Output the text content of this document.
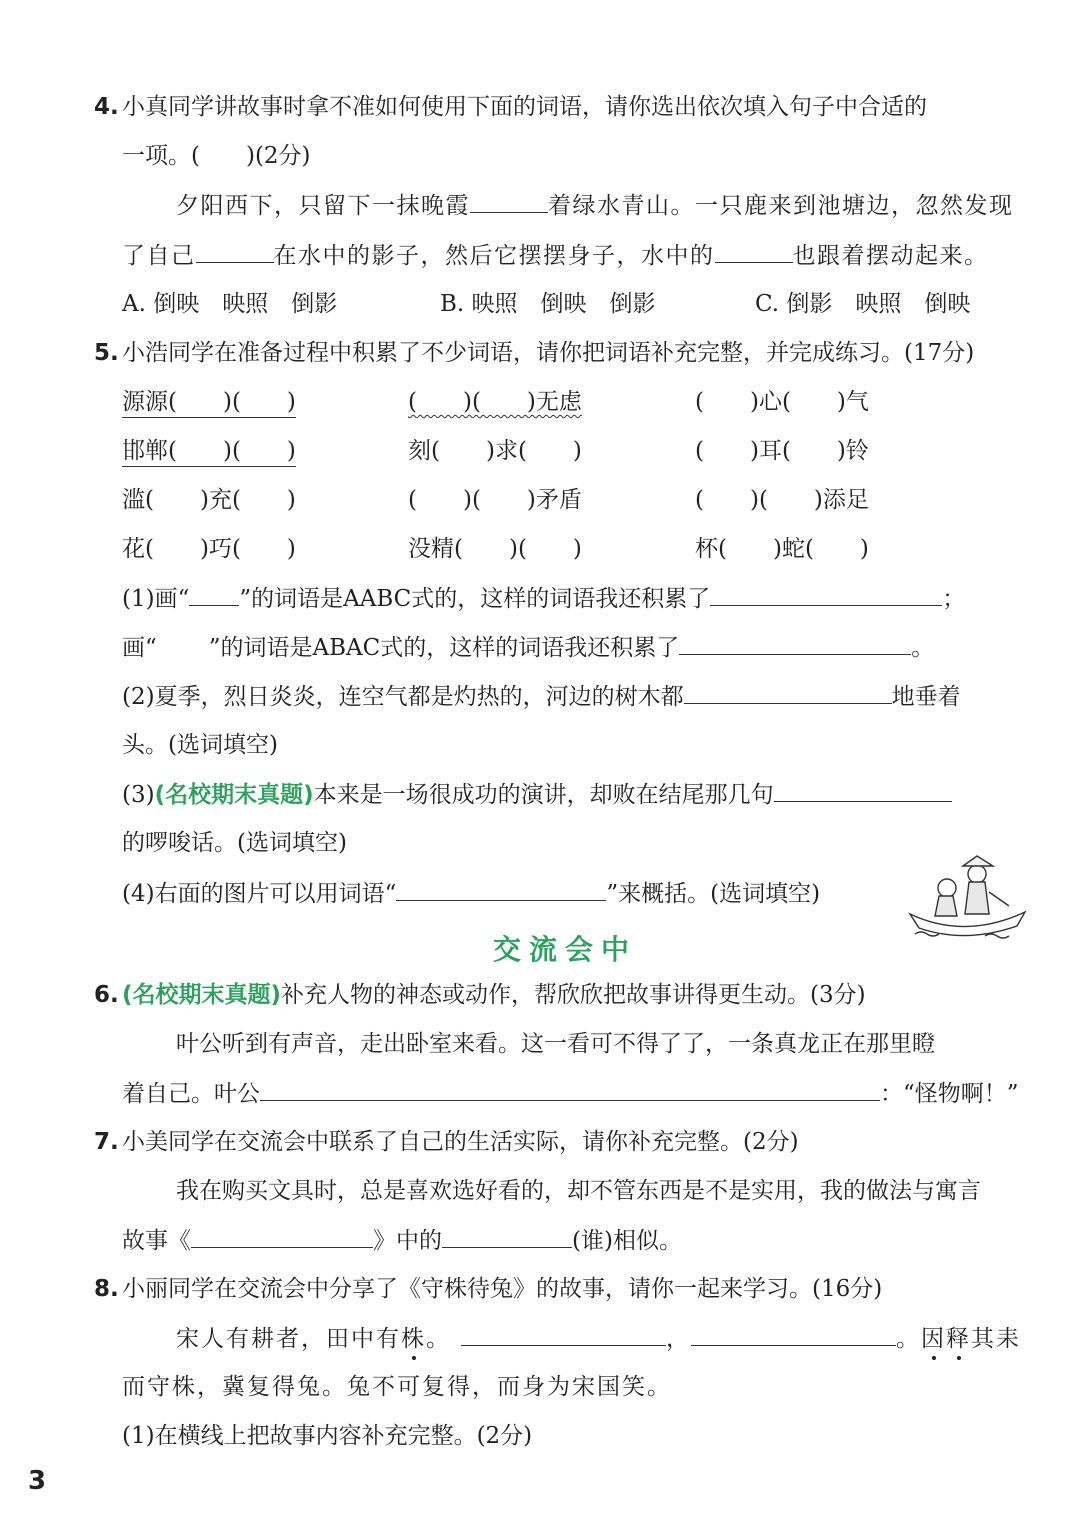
4. 小真同学讲故事时拿不准如何使用下面的词语，请你选出依次填入句子中合适的
一项。(　　)(2分)
夕阳西下，只留下一抹晚霞	着绿水青山。一只鹿来到池塘边，忽然发现
了自己	在水中的影子，然后它摆摆身子，水中的	也跟着摆动起来。
A. 倒映　映照　倒影	B. 映照　倒映　倒影	C. 倒影　映照　倒映
5. 小浩同学在准备过程中积累了不少词语，请你把词语补充完整，并完成练习。(17分)
源源(　　)(　　)	(　　)(　　)无虑	(　　)心(　　)气
邯郸(　　)(　　)	刻(　　)求(　　)	(　　)耳(　　)铃
滥(　　)充(　　)	(　　)(　　)矛盾	(　　)(　　)添足
花(　　)巧(　　)	没精(　　)(　　)	杯(　　)蛇(　　)
(1)画“ ”的词语是AABC式的，这样的词语我还积累了	；
画“ ”的词语是ABAC式的，这样的词语我还积累了	。
(2)夏季，烈日炎炎，连空气都是灼热的，河边的树木都	地垂着
头。(选词填空)
(3)(名校期末真题)本来是一场很成功的演讲，却败在结尾那几句
的啰唆话。(选词填空)
(4)右面的图片可以用词语“	”来概括。(选词填空)
交流会中
6. (名校期末真题)补充人物的神态或动作，帮欣欣把故事讲得更生动。(3分)
叶公听到有声音，走出卧室来看。这一看可不得了了，一条真龙正在那里瞪
着自己。叶公	：“怪物啊！”
7. 小美同学在交流会中联系了自己的生活实际，请你补充完整。(2分)
我在购买文具时，总是喜欢选好看的，却不管东西是不是实用，我的做法与寓言
故事《	》中的	(谁)相似。
8. 小丽同学在交流会中分享了《守株待兔》的故事，请你一起来学习。(16分)
宋人有耕者，田中有株。	，	。因释其耒
而守株，冀复得兔。兔不可复得，而身为宋国笑。
(1)在横线上把故事内容补充完整。(2分)
3
